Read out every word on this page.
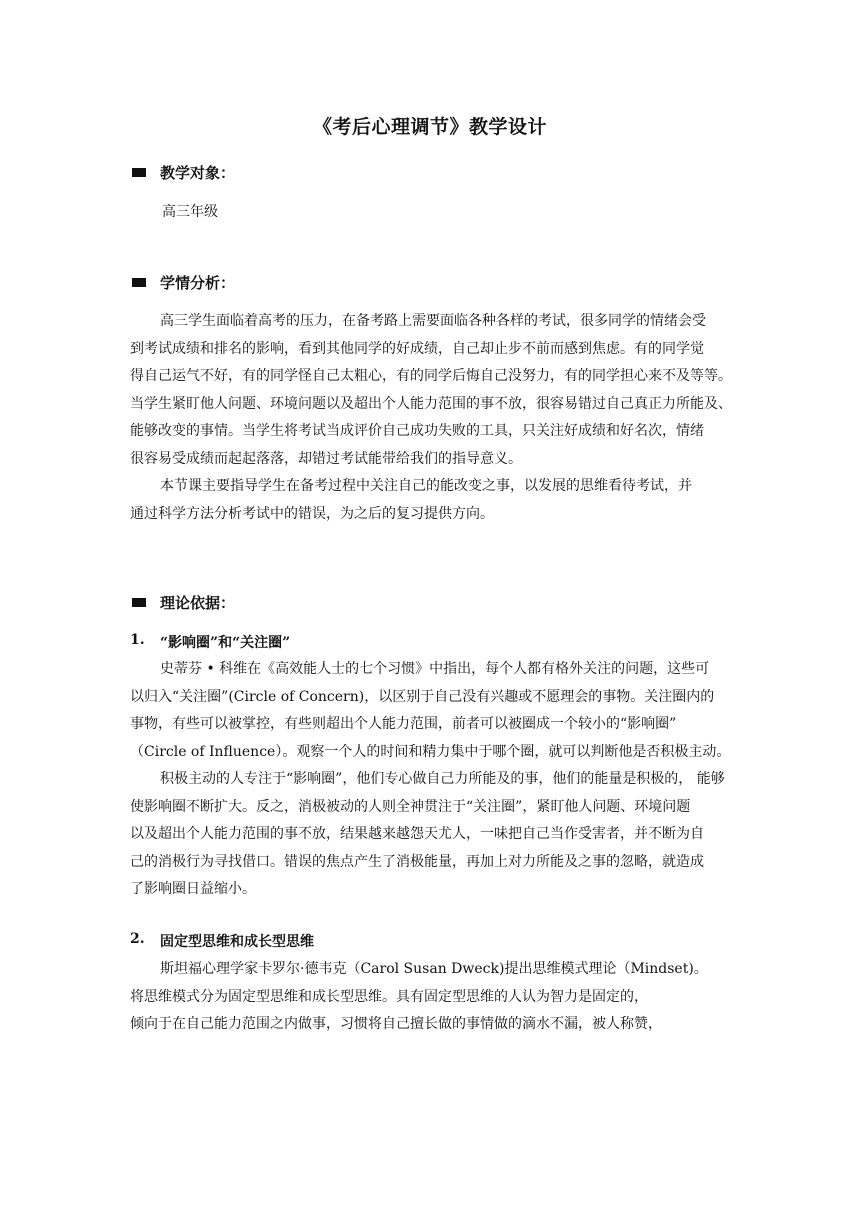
《考后心理调节》教学设计
教学对象：
高三年级
学情分析：
高三学生面临着高考的压力，在备考路上需要面临各种各样的考试，很多同学的情绪会受
到考试成绩和排名的影响，看到其他同学的好成绩，自己却止步不前而感到焦虑。有的同学觉
得自己运气不好，有的同学怪自己太粗心，有的同学后悔自己没努力，有的同学担心来不及等等。
当学生紧盯他人问题、环境问题以及超出个人能力范围的事不放，很容易错过自己真正力所能及、
能够改变的事情。当学生将考试当成评价自己成功失败的工具，只关注好成绩和好名次，情绪
很容易受成绩而起起落落，却错过考试能带给我们的指导意义。
本节课主要指导学生在备考过程中关注自己的能改变之事，以发展的思维看待考试，并
通过科学方法分析考试中的错误，为之后的复习提供方向。
理论依据：
1.	“影响圈”和“关注圈”
史蒂芬 • 科维在《高效能人士的七个习惯》中指出，每个人都有格外关注的问题，这些可
以归入“关注圈”(Circle of Concern)，以区别于自己没有兴趣或不愿理会的事物。关注圈内的
事物，有些可以被掌控，有些则超出个人能力范围，前者可以被圈成一个较小的“影响圈”
（Circle of Influence）。观察一个人的时间和精力集中于哪个圈，就可以判断他是否积极主动。
积极主动的人专注于“影响圈”，他们专心做自己力所能及的事，他们的能量是积极的， 能够
使影响圈不断扩大。反之，消极被动的人则全神贯注于“关注圈”，紧盯他人问题、环境问题
以及超出个人能力范围的事不放，结果越来越怨天尤人，一味把自己当作受害者，并不断为自
己的消极行为寻找借口。错误的焦点产生了消极能量，再加上对力所能及之事的忽略，就造成
了影响圈日益缩小。
2.	固定型思维和成长型思维
斯坦福心理学家卡罗尔·德韦克（Carol Susan Dweck)提出思维模式理论（Mindset)。
将思维模式分为固定型思维和成长型思维。具有固定型思维的人认为智力是固定的，
倾向于在自己能力范围之内做事，习惯将自己擅长做的事情做的滴水不漏，被人称赞，
